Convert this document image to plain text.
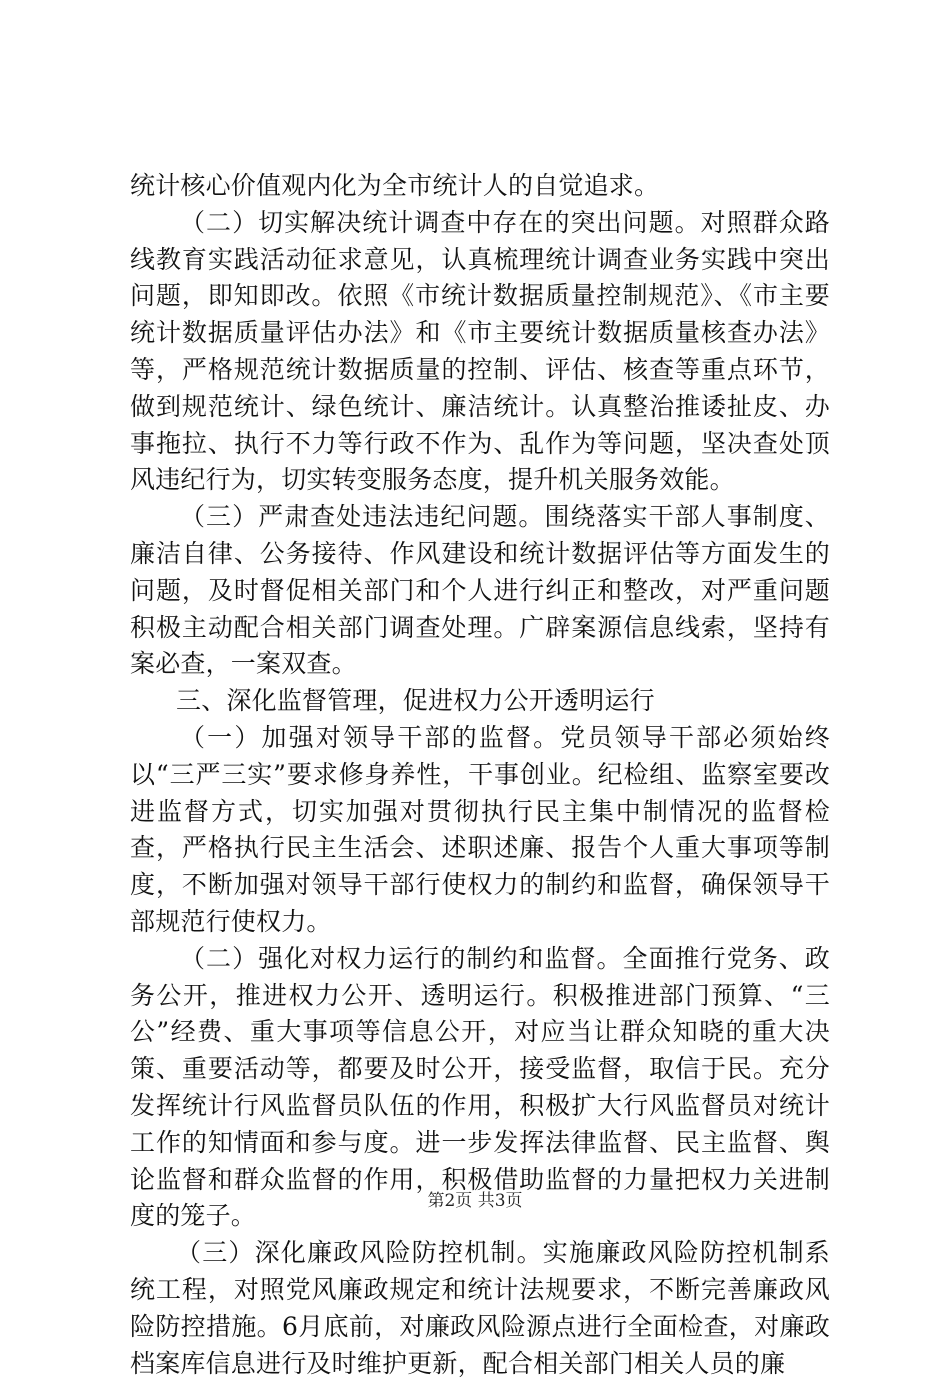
统计核心价值观内化为全市统计人的自觉追求。

（二）切实解决统计调查中存在的突出问题。对照群众路线教育实践活动征求意见，认真梳理统计调查业务实践中突出问题，即知即改。依照《市统计数据质量控制规范》、《市主要统计数据质量评估办法》和《市主要统计数据质量核查办法》等，严格规范统计数据质量的控制、评估、核查等重点环节，做到规范统计、绿色统计、廉洁统计。认真整治推诿扯皮、办事拖拉、执行不力等行政不作为、乱作为等问题，坚决查处顶风违纪行为，切实转变服务态度，提升机关服务效能。

（三）严肃查处违法违纪问题。围绕落实干部人事制度、廉洁自律、公务接待、作风建设和统计数据评估等方面发生的问题，及时督促相关部门和个人进行纠正和整改，对严重问题积极主动配合相关部门调查处理。广辟案源信息线索，坚持有案必查，一案双查。

三、深化监督管理，促进权力公开透明运行

（一）加强对领导干部的监督。党员领导干部必须始终以“三严三实”要求修身养性，干事创业。纪检组、监察室要改进监督方式，切实加强对贯彻执行民主集中制情况的监督检查，严格执行民主生活会、述职述廉、报告个人重大事项等制度，不断加强对领导干部行使权力的制约和监督，确保领导干部规范行使权力。

（二）强化对权力运行的制约和监督。全面推行党务、政务公开，推进权力公开、透明运行。积极推进部门预算、“三公”经费、重大事项等信息公开，对应当让群众知晓的重大决策、重要活动等，都要及时公开，接受监督，取信于民。充分发挥统计行风监督员队伍的作用，积极扩大行风监督员对统计工作的知情面和参与度。进一步发挥法律监督、民主监督、舆论监督和群众监督的作用，积极借助监督的力量把权力关进制度的笼子。

（三）深化廉政风险防控机制。实施廉政风险防控机制系统工程，对照党风廉政规定和统计法规要求，不断完善廉政风险防控措施。6月底前，对廉政风险源点进行全面检查，对廉政档案库信息进行及时维护更新，配合相关部门相关人员的廉

第2页 共3页
